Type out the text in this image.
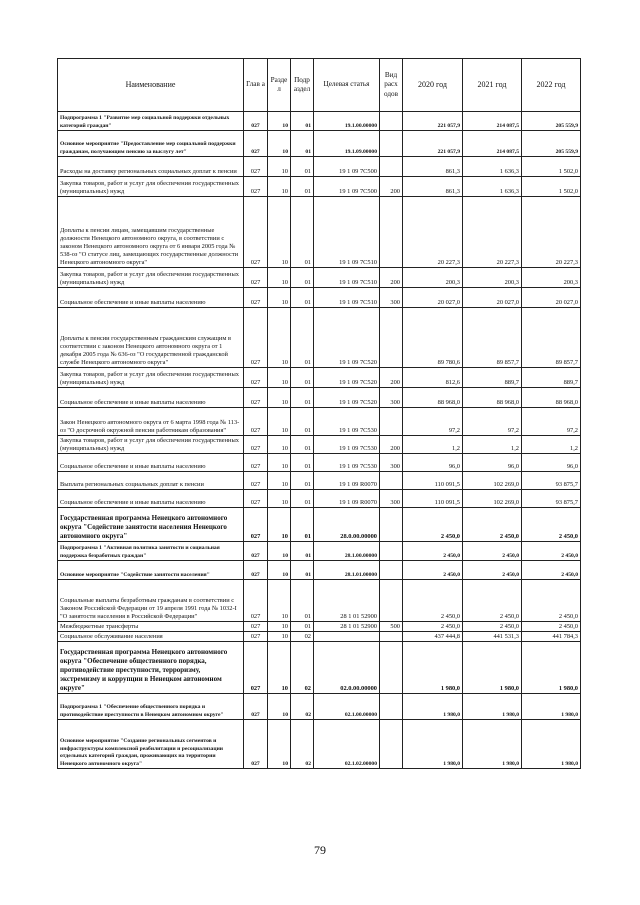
Наименование	Глав а	Разде л	Подр аздел	Целевая статья	Вид расх одов	2020 год	2021 год	2022 год
Подпрограмма 1 "Развитие мер социальной поддержки отдельных категорий граждан"	027	10	01	19.1.00.00000		221 057,9	214 087,5	205 559,9
Основное мероприятие "Предоставление мер социальной поддержки гражданам, получающим пенсию за выслугу лет"	027	10	01	19.1.09.00000		221 057,9	214 087,5	205 559,9
Расходы на доставку региональных социальных доплат к пенсии	027	10	01	19 1 09 7С500		861,3	1 636,3	1 502,0
Закупка товаров, работ и услуг для обеспечения государственных (муниципальных) нужд	027	10	01	19 1 09 7С500	200	861,3	1 636,3	1 502,0
Доплаты к пенсии лицам, замещавшим государственные должности Ненецкого автономного округа, в соответствии с законом Ненецкого автономного округа от 6 января 2005 года № 538-оз "О статусе лиц, замещающих государственные должности Ненецкого автономного округа"	027	10	01	19 1 09 7С510		20 227,3	20 227,3	20 227,3
Закупка товаров, работ и услуг для обеспечения государственных (муниципальных) нужд	027	10	01	19 1 09 7С510	200	200,3	200,3	200,3
Социальное обеспечение и иные выплаты населению	027	10	01	19 1 09 7С510	300	20 027,0	20 027,0	20 027,0
Доплаты к пенсии государственным гражданским служащим в соответствии с законом Ненецкого автономного округа от 1 декабря 2005 года № 636-оз "О государственной гражданской службе Ненецкого автономного округа"	027	10	01	19 1 09 7С520		89 780,6	89 857,7	89 857,7
Закупка товаров, работ и услуг для обеспечения государственных (муниципальных) нужд	027	10	01	19 1 09 7С520	200	812,6	889,7	889,7
Социальное обеспечение и иные выплаты населению	027	10	01	19 1 09 7С520	300	88 968,0	88 968,0	88 968,0
Закон Ненецкого автономного округа от 6 марта 1998 года № 113-оз "О досрочной окружной пенсии работникам образования"	027	10	01	19 1 09 7С530		97,2	97,2	97,2
Закупка товаров, работ и услуг для обеспечения государственных (муниципальных) нужд	027	10	01	19 1 09 7С530	200	1,2	1,2	1,2
Социальное обеспечение и иные выплаты населению	027	10	01	19 1 09 7С530	300	96,0	96,0	96,0
Выплата региональных социальных доплат к пенсии	027	10	01	19 1 09 R0070		110 091,5	102 269,0	93 875,7
Социальное обеспечение и иные выплаты населению	027	10	01	19 1 09 R0070	300	110 091,5	102 269,0	93 875,7
Государственная программа Ненецкого автономного округа "Содействие занятости населения Ненецкого автономного округа"	027	10	01	28.0.00.00000		2 450,0	2 450,0	2 450,0
Подпрограмма 1 "Активная политика занятости и социальная поддержка безработных граждан"	027	10	01	28.1.00.00000		2 450,0	2 450,0	2 450,0
Основное мероприятие "Содействие занятости населения"	027	10	01	28.1.01.00000		2 450,0	2 450,0	2 450,0
Социальные выплаты безработным гражданам в соответствии с Законом Российской Федерации от 19 апреля 1991 года № 1032-I "О занятости населения в Российской Федерации"	027	10	01	28 1 01 52900		2 450,0	2 450,0	2 450,0
Межбюджетные трансферты	027	10	01	28 1 01 52900	500	2 450,0	2 450,0	2 450,0
Социальное обслуживание населения	027	10	02			437 444,8	441 531,3	441 784,3
Государственная программа Ненецкого автономного округа "Обеспечение общественного порядка, противодействие преступности, терроризму, экстремизму и коррупции в Ненецком автономном округе"	027	10	02	02.0.00.00000		1 980,0	1 980,0	1 980,0
Подпрограмма 1 "Обеспечение общественного порядка и противодействие преступности в Ненецком автономном округе"	027	10	02	02.1.00.00000		1 980,0	1 980,0	1 980,0
Основное мероприятие "Создание региональных сегментов и инфраструктуры комплексной реабилитации и ресоциализации отдельных категорий граждан, проживающих на территории Ненецкого автономного округа"	027	10	02	02.1.02.00000		1 980,0	1 980,0	1 980,0
79
